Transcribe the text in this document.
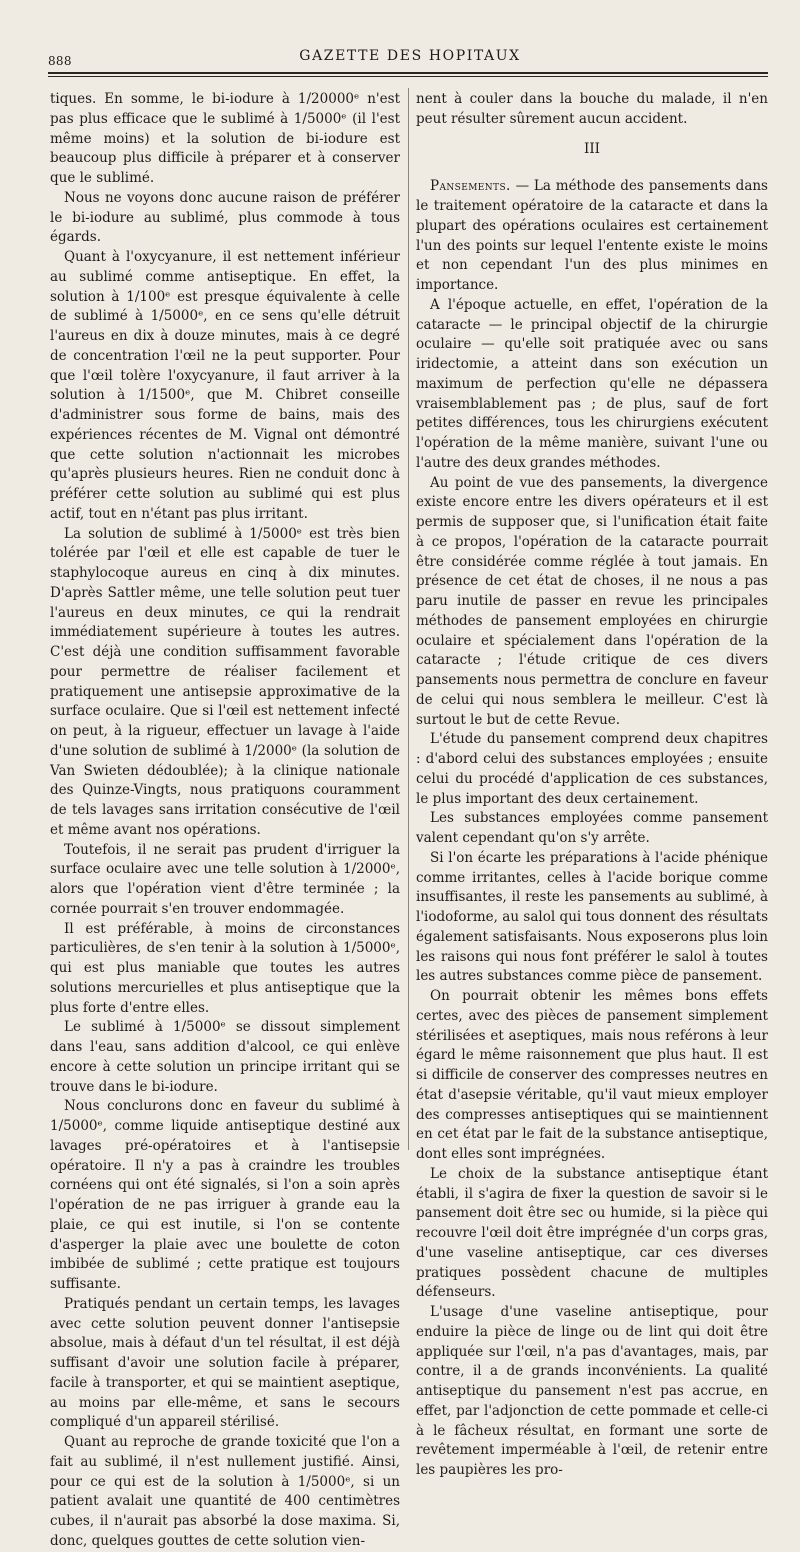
888	GAZETTE DES HOPITAUX

tiques. En somme, le bi-iodure à 1/20000ᵉ n'est pas plus efficace que le sublimé à 1/5000ᵉ (il l'est même moins) et la solution de bi-iodure est beaucoup plus difficile à préparer et à conserver que le sublimé.

Nous ne voyons donc aucune raison de préférer le bi-iodure au sublimé, plus commode à tous égards.

Quant à l'oxycyanure, il est nettement inférieur au sublimé comme antiseptique. En effet, la solution à 1/100ᵉ est presque équivalente à celle de sublimé à 1/5000ᵉ, en ce sens qu'elle détruit l'aureus en dix à douze minutes, mais à ce degré de concentration l'œil ne la peut supporter. Pour que l'œil tolère l'oxycyanure, il faut arriver à la solution à 1/1500ᵉ, que M. Chibret conseille d'administrer sous forme de bains, mais des expériences récentes de M. Vignal ont démontré que cette solution n'actionnait les microbes qu'après plusieurs heures. Rien ne conduit donc à préférer cette solution au sublimé qui est plus actif, tout en n'étant pas plus irritant.

La solution de sublimé à 1/5000ᵉ est très bien tolérée par l'œil et elle est capable de tuer le staphylocoque aureus en cinq à dix minutes. D'après Sattler même, une telle solution peut tuer l'aureus en deux minutes, ce qui la rendrait immédiatement supérieure à toutes les autres. C'est déjà une condition suffisamment favorable pour permettre de réaliser facilement et pratiquement une antisepsie approximative de la surface oculaire. Que si l'œil est nettement infecté on peut, à la rigueur, effectuer un lavage à l'aide d'une solution de sublimé à 1/2000ᵉ (la solution de Van Swieten dédoublée); à la clinique nationale des Quinze-Vingts, nous pratiquons couramment de tels lavages sans irritation consécutive de l'œil et même avant nos opérations.

Toutefois, il ne serait pas prudent d'irriguer la surface oculaire avec une telle solution à 1/2000ᵉ, alors que l'opération vient d'être terminée ; la cornée pourrait s'en trouver endommagée.

Il est préférable, à moins de circonstances particulières, de s'en tenir à la solution à 1/5000ᵉ, qui est plus maniable que toutes les autres solutions mercurielles et plus antiseptique que la plus forte d'entre elles.

Le sublimé à 1/5000ᵉ se dissout simplement dans l'eau, sans addition d'alcool, ce qui enlève encore à cette solution un principe irritant qui se trouve dans le bi-iodure.

Nous conclurons donc en faveur du sublimé à 1/5000ᵉ, comme liquide antiseptique destiné aux lavages pré-opératoires et à l'antisepsie opératoire. Il n'y a pas à craindre les troubles cornéens qui ont été signalés, si l'on a soin après l'opération de ne pas irriguer à grande eau la plaie, ce qui est inutile, si l'on se contente d'asperger la plaie avec une boulette de coton imbibée de sublimé ; cette pratique est toujours suffisante.

Pratiqués pendant un certain temps, les lavages avec cette solution peuvent donner l'antisepsie absolue, mais à défaut d'un tel résultat, il est déjà suffisant d'avoir une solution facile à préparer, facile à transporter, et qui se maintient aseptique, au moins par elle-même, et sans le secours compliqué d'un appareil stérilisé.

Quant au reproche de grande toxicité que l'on a fait au sublimé, il n'est nullement justifié. Ainsi, pour ce qui est de la solution à 1/5000ᵉ, si un patient avalait une quantité de 400 centimètres cubes, il n'aurait pas absorbé la dose maxima. Si, donc, quelques gouttes de cette solution vien-

nent à couler dans la bouche du malade, il n'en peut résulter sûrement aucun accident.

III

Pansements. — La méthode des pansements dans le traitement opératoire de la cataracte et dans la plupart des opérations oculaires est certainement l'un des points sur lequel l'entente existe le moins et non cependant l'un des plus minimes en importance.

A l'époque actuelle, en effet, l'opération de la cataracte — le principal objectif de la chirurgie oculaire — qu'elle soit pratiquée avec ou sans iridectomie, a atteint dans son exécution un maximum de perfection qu'elle ne dépassera vraisemblablement pas ; de plus, sauf de fort petites différences, tous les chirurgiens exécutent l'opération de la même manière, suivant l'une ou l'autre des deux grandes méthodes.

Au point de vue des pansements, la divergence existe encore entre les divers opérateurs et il est permis de supposer que, si l'unification était faite à ce propos, l'opération de la cataracte pourrait être considérée comme réglée à tout jamais. En présence de cet état de choses, il ne nous a pas paru inutile de passer en revue les principales méthodes de pansement employées en chirurgie oculaire et spécialement dans l'opération de la cataracte ; l'étude critique de ces divers pansements nous permettra de conclure en faveur de celui qui nous semblera le meilleur. C'est là surtout le but de cette Revue.

L'étude du pansement comprend deux chapitres : d'abord celui des substances employées ; ensuite celui du procédé d'application de ces substances, le plus important des deux certainement.

Les substances employées comme pansement valent cependant qu'on s'y arrête.

Si l'on écarte les préparations à l'acide phénique comme irritantes, celles à l'acide borique comme insuffisantes, il reste les pansements au sublimé, à l'iodoforme, au salol qui tous donnent des résultats également satisfaisants. Nous exposerons plus loin les raisons qui nous font préférer le salol à toutes les autres substances comme pièce de pansement.

On pourrait obtenir les mêmes bons effets certes, avec des pièces de pansement simplement stérilisées et aseptiques, mais nous reférons à leur égard le même raisonnement que plus haut. Il est si difficile de conserver des compresses neutres en état d'asepsie véritable, qu'il vaut mieux employer des compresses antiseptiques qui se maintiennent en cet état par le fait de la substance antiseptique, dont elles sont imprégnées.

Le choix de la substance antiseptique étant établi, il s'agira de fixer la question de savoir si le pansement doit être sec ou humide, si la pièce qui recouvre l'œil doit être imprégnée d'un corps gras, d'une vaseline antiseptique, car ces diverses pratiques possèdent chacune de multiples défenseurs.

L'usage d'une vaseline antiseptique, pour enduire la pièce de linge ou de lint qui doit être appliquée sur l'œil, n'a pas d'avantages, mais, par contre, il a de grands inconvénients. La qualité antiseptique du pansement n'est pas accrue, en effet, par l'adjonction de cette pommade et celle-ci à le fâcheux résultat, en formant une sorte de revêtement imperméable à l'œil, de retenir entre les paupières les pro-
